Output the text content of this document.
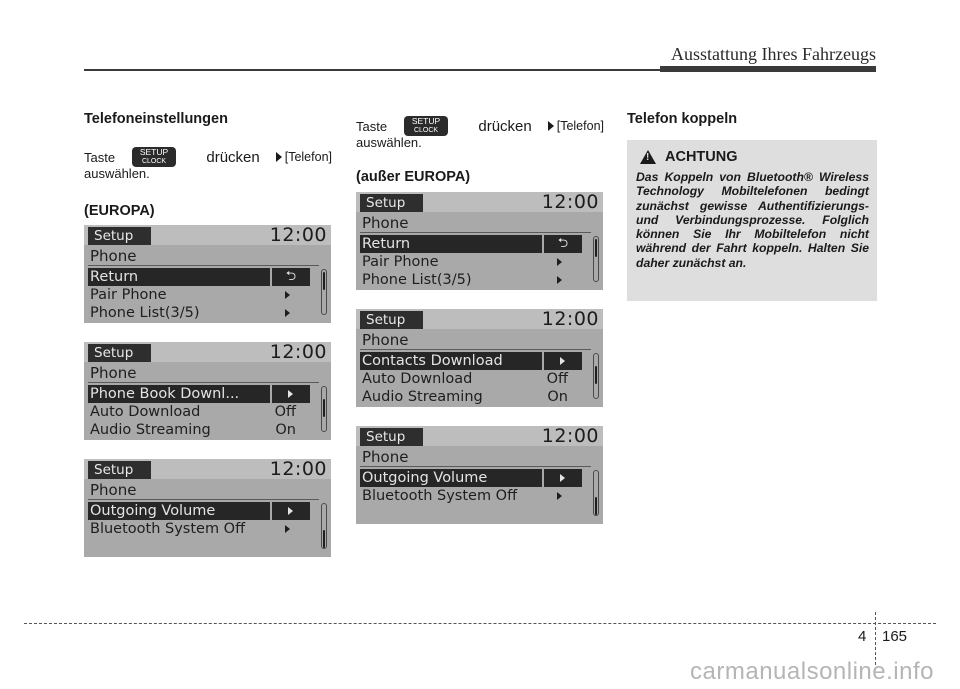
Ausstattung Ihres Fahrzeugs
Telefoneinstellungen
Taste	SETUP
CLOCK	drücken [Telefon]
auswählen.
(EUROPA)
Setup	12:00
Phone
Return	⮌
Pair Phone
Phone List(3/5)
Setup	12:00
Phone
Phone Book Downl...
Auto Download	Off
Audio Streaming	On
Setup	12:00
Phone
Outgoing Volume
Bluetooth System Off
Taste	SETUP
CLOCK	drücken [Telefon]
auswählen.
(außer EUROPA)
Setup	12:00
Phone
Return	⮌
Pair Phone
Phone List(3/5)
Setup	12:00
Phone
Contacts Download
Auto Download	Off
Audio Streaming	On
Setup	12:00
Phone
Outgoing Volume
Bluetooth System Off
Telefon koppeln
!
ACHTUNG
Das Koppeln von Bluetooth® Wireless Technology Mobiltelefonen bedingt zunächst gewisse Authentifizierungs- und Verbindungsprozesse. Folglich können Sie Ihr Mobiltelefon nicht während der Fahrt koppeln. Halten Sie daher zunächst an.
4 165
carmanualsonline.info
